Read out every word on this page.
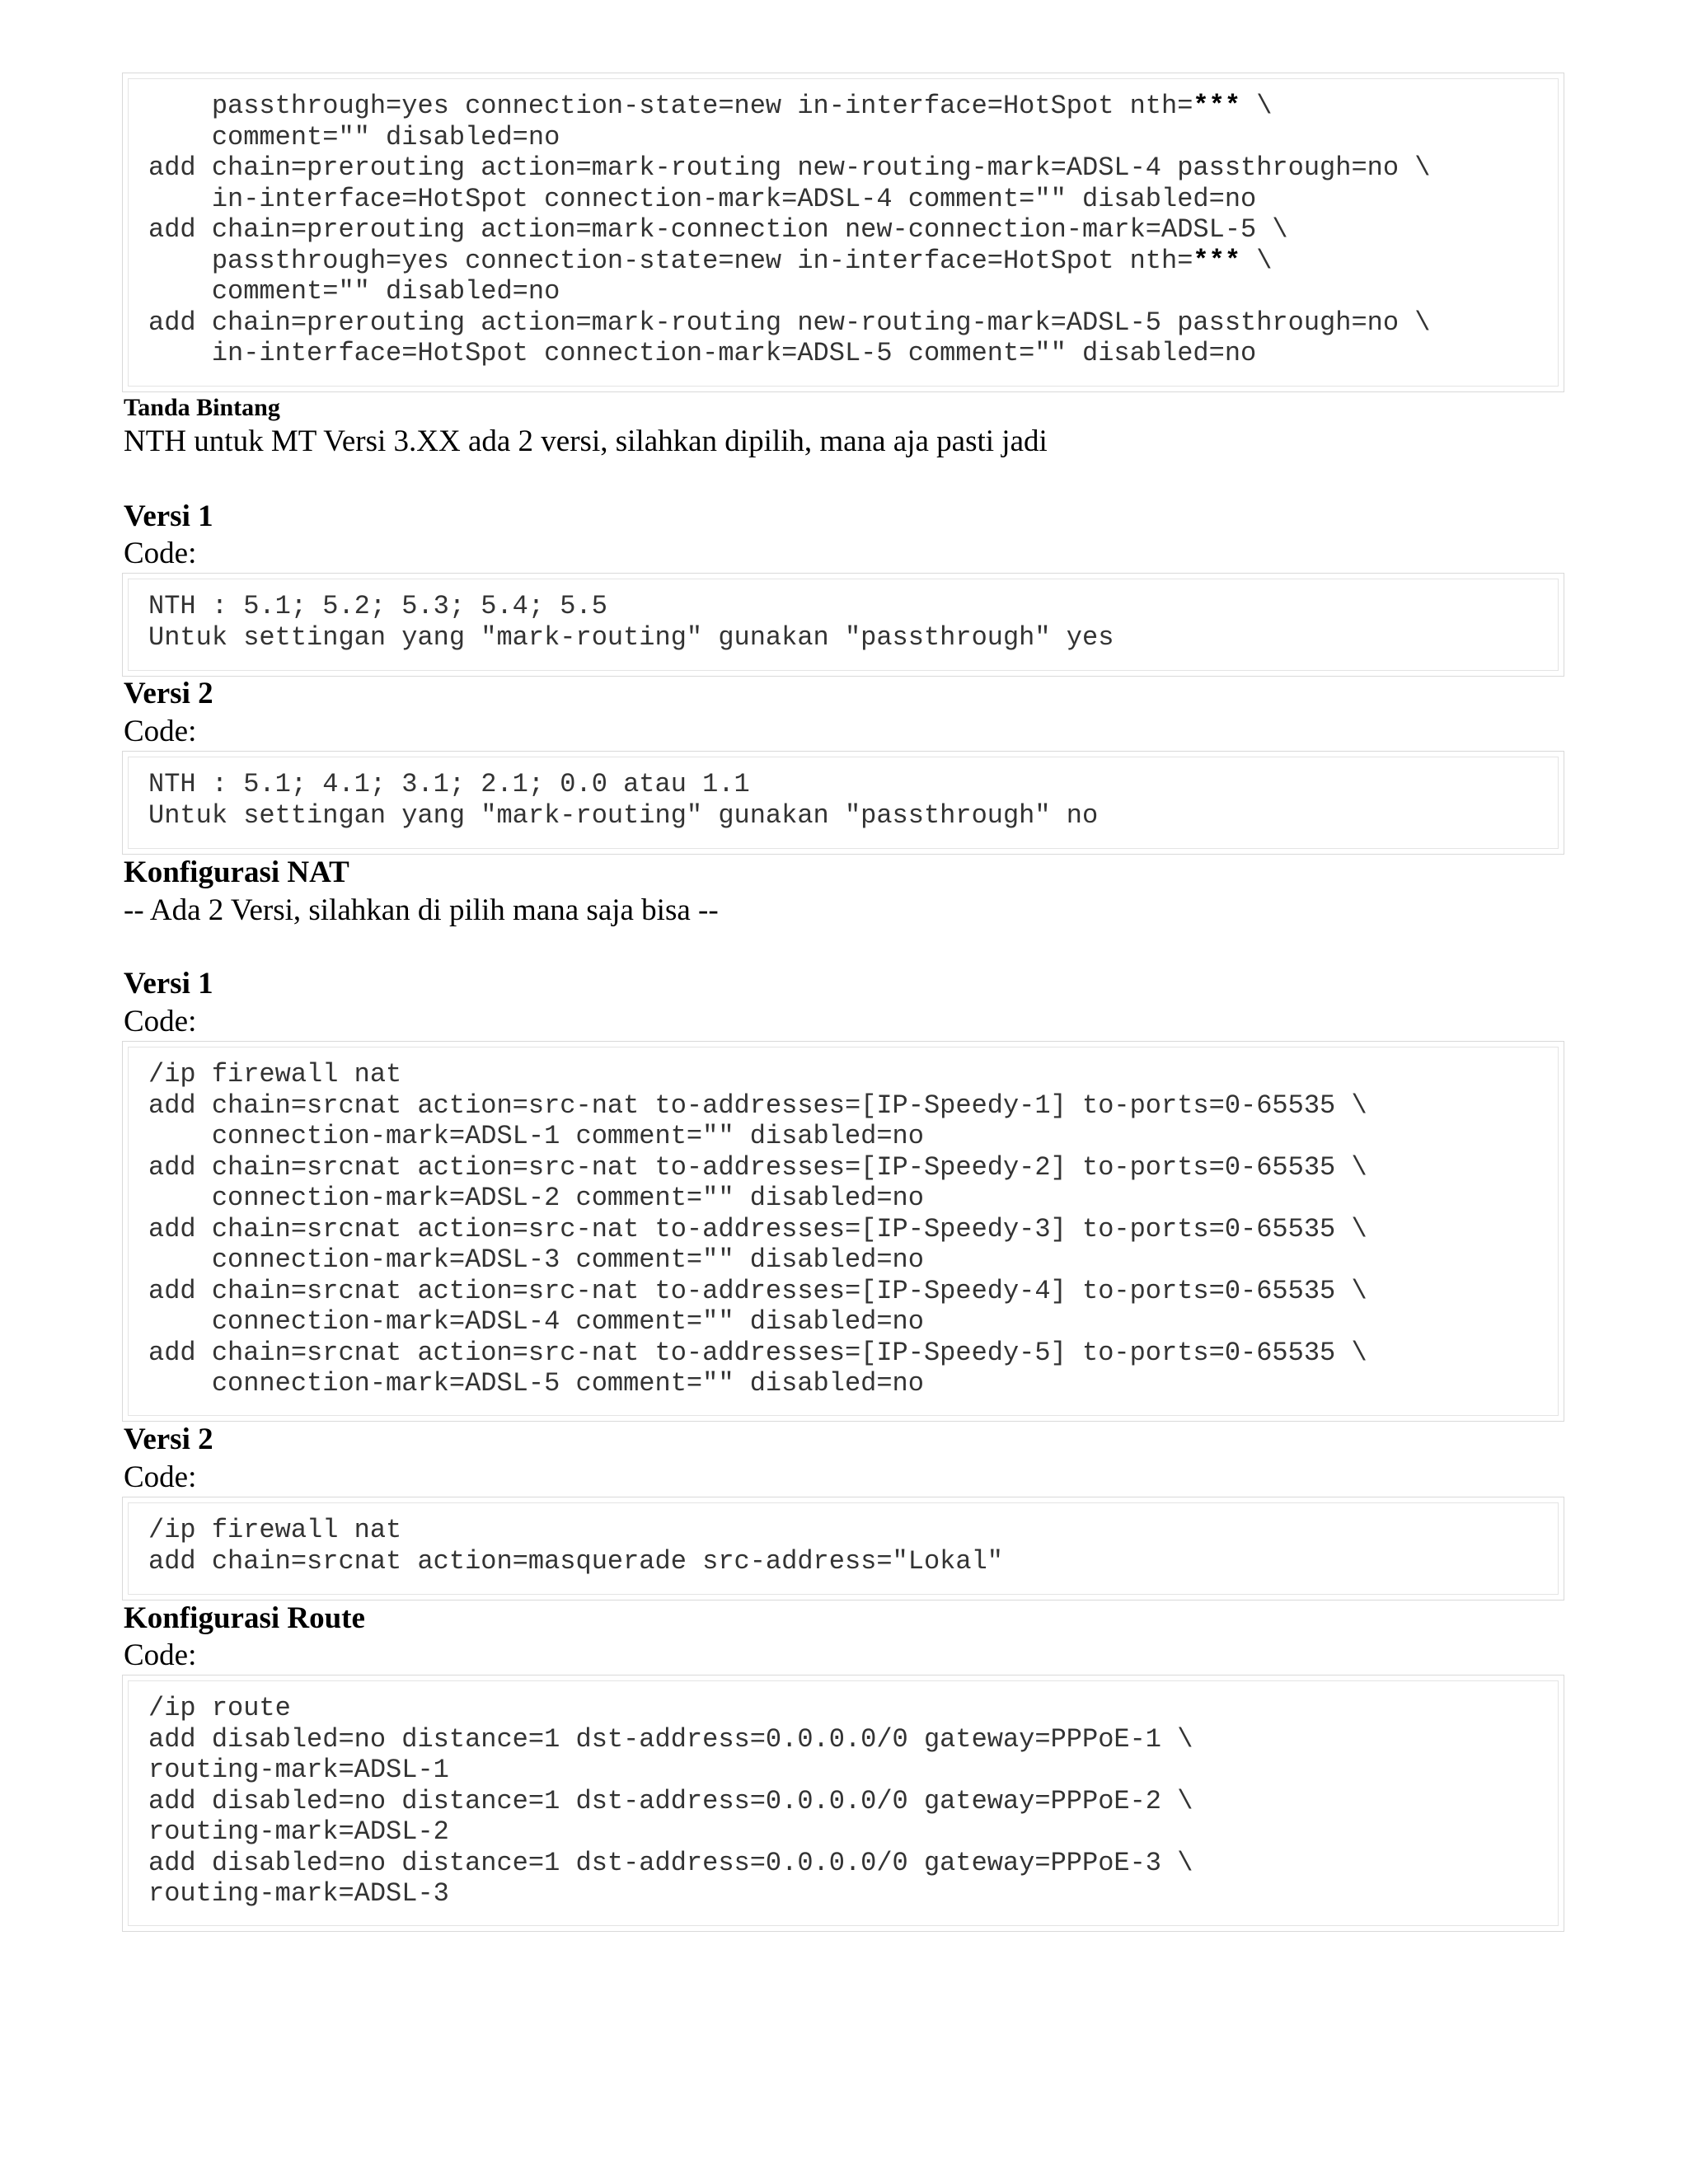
passthrough=yes connection-state=new in-interface=HotSpot nth=*** \
comment="" disabled=no
add chain=prerouting action=mark-routing new-routing-mark=ADSL-4 passthrough=no \
in-interface=HotSpot connection-mark=ADSL-4 comment="" disabled=no
add chain=prerouting action=mark-connection new-connection-mark=ADSL-5 \
passthrough=yes connection-state=new in-interface=HotSpot nth=*** \
comment="" disabled=no
add chain=prerouting action=mark-routing new-routing-mark=ADSL-5 passthrough=no \
in-interface=HotSpot connection-mark=ADSL-5 comment="" disabled=no
Tanda Bintang
NTH untuk MT Versi 3.XX ada 2 versi, silahkan dipilih, mana aja pasti jadi
Versi 1
Code:
NTH : 5.1; 5.2; 5.3; 5.4; 5.5
Untuk settingan yang "mark-routing" gunakan "passthrough" yes
Versi 2
Code:
NTH : 5.1; 4.1; 3.1; 2.1; 0.0 atau 1.1
Untuk settingan yang "mark-routing" gunakan "passthrough" no
Konfigurasi NAT
-- Ada 2 Versi, silahkan di pilih mana saja bisa --
Versi 1
Code:
/ip firewall nat
add chain=srcnat action=src-nat to-addresses=[IP-Speedy-1] to-ports=0-65535 \
connection-mark=ADSL-1 comment="" disabled=no
add chain=srcnat action=src-nat to-addresses=[IP-Speedy-2] to-ports=0-65535 \
connection-mark=ADSL-2 comment="" disabled=no
add chain=srcnat action=src-nat to-addresses=[IP-Speedy-3] to-ports=0-65535 \
connection-mark=ADSL-3 comment="" disabled=no
add chain=srcnat action=src-nat to-addresses=[IP-Speedy-4] to-ports=0-65535 \
connection-mark=ADSL-4 comment="" disabled=no
add chain=srcnat action=src-nat to-addresses=[IP-Speedy-5] to-ports=0-65535 \
connection-mark=ADSL-5 comment="" disabled=no
Versi 2
Code:
/ip firewall nat
add chain=srcnat action=masquerade src-address="Lokal"
Konfigurasi Route
Code:
/ip route
add disabled=no distance=1 dst-address=0.0.0.0/0 gateway=PPPoE-1 \
routing-mark=ADSL-1
add disabled=no distance=1 dst-address=0.0.0.0/0 gateway=PPPoE-2 \
routing-mark=ADSL-2
add disabled=no distance=1 dst-address=0.0.0.0/0 gateway=PPPoE-3 \
routing-mark=ADSL-3
